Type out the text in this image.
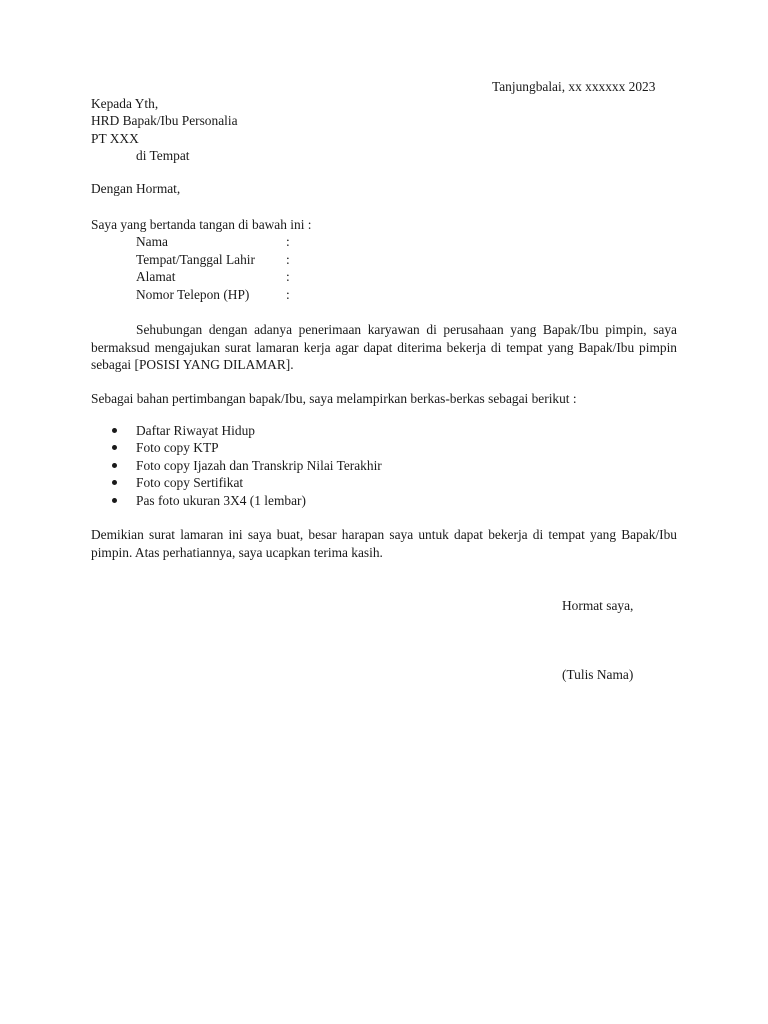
Tanjungbalai, xx xxxxxx 2023
Kepada Yth,
HRD Bapak/Ibu Personalia
PT XXX
di Tempat
Dengan Hormat,
Saya yang bertanda tangan di bawah ini :
Nama	:
Tempat/Tanggal Lahir :
Alamat	:
Nomor Telepon (HP)	:
Sehubungan dengan adanya penerimaan karyawan di perusahaan yang Bapak/Ibu pimpin, saya bermaksud mengajukan surat lamaran kerja agar dapat diterima bekerja di tempat yang Bapak/Ibu pimpin sebagai [POSISI YANG DILAMAR].
Sebagai bahan pertimbangan bapak/Ibu, saya melampirkan berkas-berkas sebagai berikut :
Daftar Riwayat Hidup
Foto copy KTP
Foto copy Ijazah dan Transkrip Nilai Terakhir
Foto copy Sertifikat
Pas foto ukuran 3X4 (1 lembar)
Demikian surat lamaran ini saya buat, besar harapan saya untuk dapat bekerja di tempat yang Bapak/Ibu pimpin. Atas perhatiannya, saya ucapkan terima kasih.
Hormat saya,
(Tulis Nama)
